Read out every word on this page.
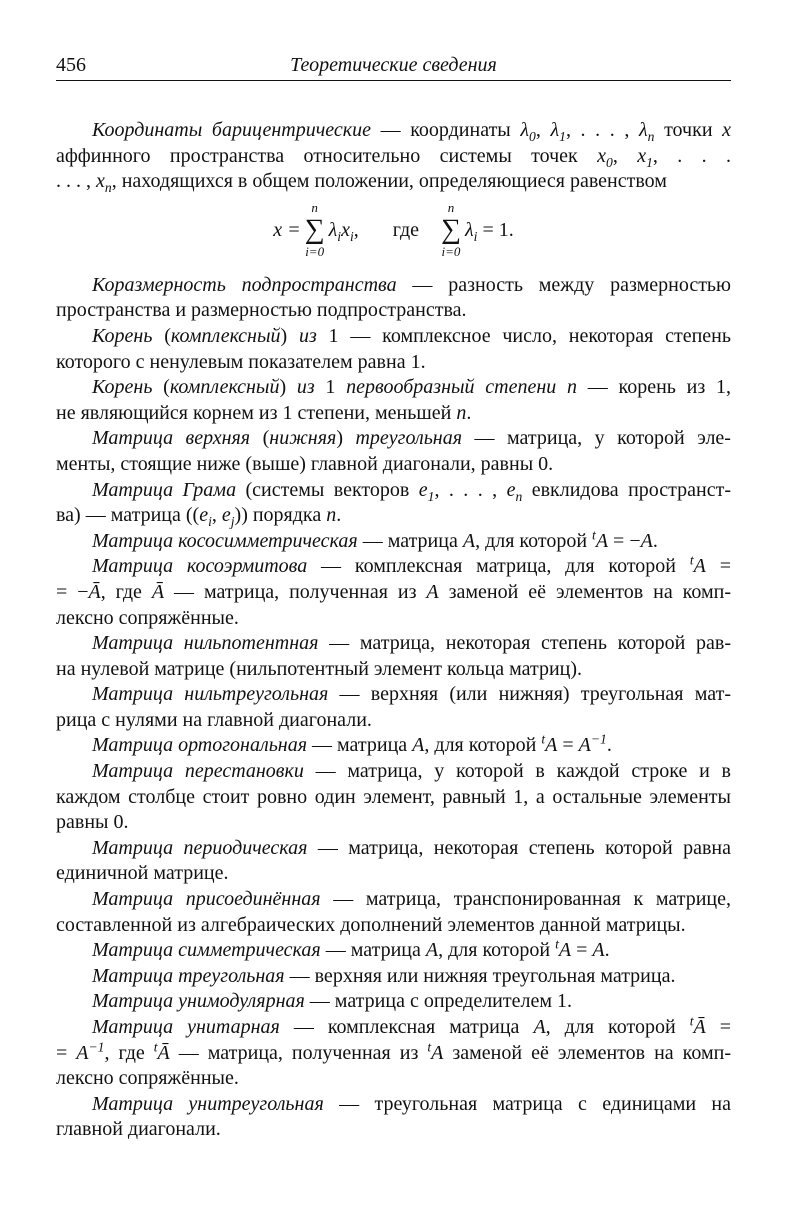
456	Теоретические сведения
Координаты барицентрические — координаты $\lambda_0$, $\lambda_1$, . . . , $\lambda_n$ точки x
аффинного пространства относительно системы точек $x_0$, $x_1$, . . .
. . . , $x_n$, находящихся в общем положении, определяющиеся равенством
x =
n
∑
i=0
$\lambda_ix_i$, где
n
∑
i=0
$\lambda_i = 1$.
Коразмерность подпространства — разность между размерностью
пространства и размерностью подпространства.
Корень (комплексный) из 1 — комплексное число, некоторая степень
которого с ненулевым показателем равна 1.
Корень (комплексный) из 1 первообразный степени n — корень из 1,
не являющийся корнем из 1 степени, меньшей n.
Матрица верхняя (нижняя) треугольная — матрица, у которой эле-
менты, стоящие ниже (выше) главной диагонали, равны 0.
Матрица Грама (системы векторов $e_1$, . . . , $e_n$ евклидова пространст-
ва) — матрица (($e_i$, $e_j$)) порядка n.
Матрица кососимметрическая — матрица A, для которой $^t$A = −A.
Матрица косоэрмитова — комплексная матрица, для которой $^t$A =
= −Ā, где Ā — матрица, полученная из A заменой её элементов на комп-
лексно сопряжённые.
Матрица нильпотентная — матрица, некоторая степень которой рав-
на нулевой матрице (нильпотентный элемент кольца матриц).
Матрица нильтреугольная — верхняя (или нижняя) треугольная мат-
рица с нулями на главной диагонали.
Матрица ортогональная — матрица A, для которой $^tA = A^{-1}$.
Матрица перестановки — матрица, у которой в каждой строке и в
каждом столбце стоит ровно один элемент, равный 1, а остальные элементы
равны 0.
Матрица периодическая — матрица, некоторая степень которой равна
единичной матрице.
Матрица присоединённая — матрица, транспонированная к матрице,
составленной из алгебраических дополнений элементов данной матрицы.
Матрица симметрическая — матрица A, для которой $^t$A = A.
Матрица треугольная — верхняя или нижняя треугольная матрица.
Матрица унимодулярная — матрица с определителем 1.
Матрица унитарная — комплексная матрица A, для которой $^t$Ā =
= $A^{-1}$, где $^t$Ā — матрица, полученная из $^t$A заменой её элементов на комп-
лексно сопряжённые.
Матрица унитреугольная — треугольная матрица с единицами на
главной диагонали.
